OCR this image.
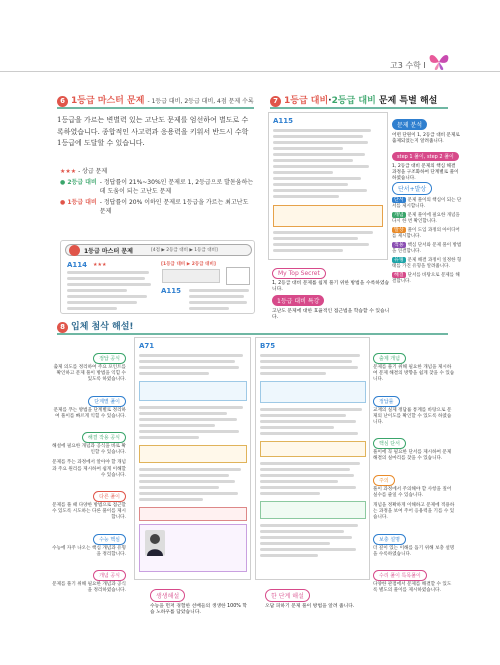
고3 수학 I
6 1등급 마스터 문제 - 1등급 대비, 2등급 대비, 4점 문제 수록
1등급을 가르는 변별력 있는 고난도 문제를 엄선하여 별도로 수록하였습니다. 종합적인 사고력과 응용력을 키워서 반드시 수학 1등급에 도달할 수 있습니다.
★★★ - 상급 문제
● 2등급 대비 - 정답률이 21%~30%인 문제로 1, 2등급으로 발돋움하는 데 도움이 되는 고난도 문제
● 1등급 대비 - 정답률이 20% 이하인 문제로 1등급을 가르는 최고난도 문제
1등급 마스터 문제	[4점 ▶ 2등급 대비 ▶ 1등급 대비]
A114 ★★★	[1등급 대비 ▶ 2등급 대비]
A115
7 1등급 대비·2등급 대비 문제 특별 해설
A115
문제 분석
어떤 단원이 1, 2등급 대비 문제로 출제되었는지 알려줍니다.
step 1 풀이, step 2 풀이
1, 2등급 대비 문제의 핵심 해결 과정을 구조화하여 단계별로 풀이하였습니다.
단서+발상
단서 문제 풀이의 핵심이 되는 단서를 제시합니다.
개념 문제 풀이에 필요한 개념을 다시 한 번 확인합니다.
발상 풀이 도입 과정의 아이디어를 제시합니다.
적용 핵심 단서와 문제 풀이 방법을 연결합니다.
유형 문제 해결 과정이 일정한 형태를 가진 유형을 알려줍니다.
해결 단서를 바탕으로 문제를 해결합니다.
My Top Secret
1, 2등급 대비 문제를 쉽게 풀기 위한 방법을 수록하였습니다.
1등급 대비 특강
고난도 문제에 대한 효율적인 접근법을 학습할 수 있습니다.
8 입체 첨삭 해설!
정답 공식
출제 의도를 정리하여 주요 포인트를 확인하고 문제 풀이 방법을 익힐 수 있도록 하였습니다.
단계별 풀이
문제를 푸는 방법을 단계별로 정리하여 풀이를 빠르게 익힐 수 있습니다.
해결 작용 공식
해설에 필요한 개념과 공식을 바로 확인할 수 있습니다.
문제를 푸는 과정에서 알아야 할 개념과 주요 원리를 제시하여 쉽게 이해할 수 있습니다.
다른 풀이
문제를 풀 때 다양한 방법으로 접근할 수 있도록 시도하는 다른 풀이를 제시합니다.
수능 핵심
수능에 자주 나오는 핵심 개념과 유형을 정리합니다.
개념 공식
문제를 풀기 위해 필요한 개념과 공식을 정리하였습니다.
출제 개념
문제를 풀기 위해 필요한 개념을 제시하여 문제 해결의 방향을 쉽게 찾을 수 있습니다.
정답률
교재의 실제 정답률 통계를 바탕으로 문제의 난이도를 확인할 수 있도록 하였습니다.
핵심 단서
풀이에 꼭 필요한 단서를 제시하여 문제 해결의 실마리를 찾을 수 있습니다.
주의
풀이 과정에서 주의해야 할 사항을 짚어 실수를 줄일 수 있습니다.
개념을 정확하게 이해하고 문제에 적용하는 과정을 보여 주어 응용력을 기를 수 있습니다.
보충 설명
더 깊이 있는 이해를 돕기 위해 보충 설명을 수록하였습니다.
수리 풀이 특목풀이
다양한 관점에서 문제를 해결할 수 있도록 별도의 풀이를 제시하였습니다.
A71	B75
생생해설
수능을 먼저 경험한 선배들의 생생한 100% 학습 노하우를 담았습니다.
한 단계 해설
오답 피하기 문제 풀이 방법을 알려 줍니다.
